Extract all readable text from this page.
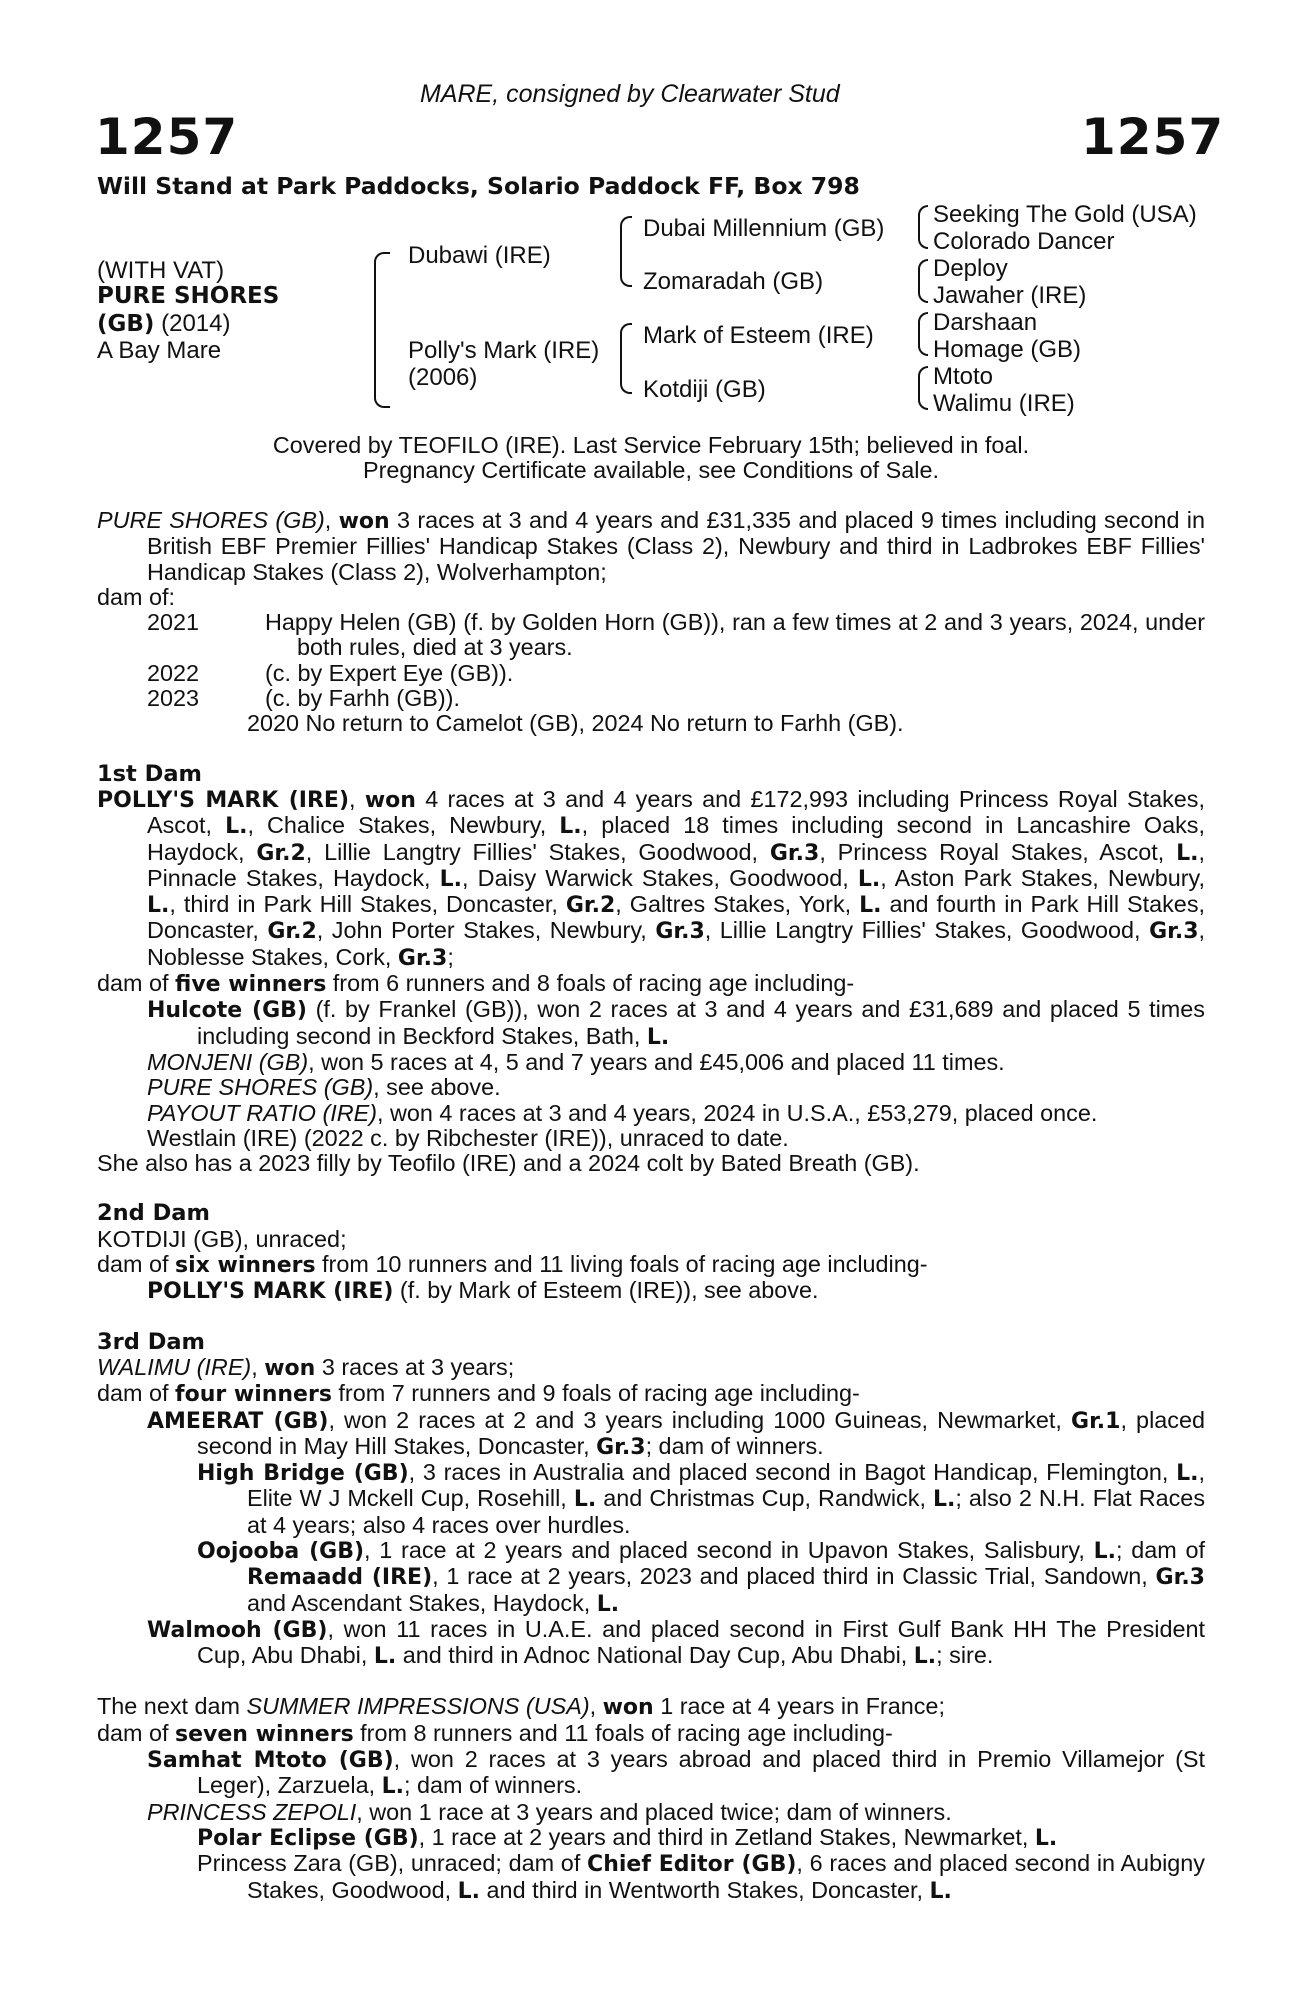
MARE, consigned by Clearwater Stud
1257	1257
Will Stand at Park Paddocks, Solario Paddock FF, Box 798
(WITH VAT)
PURE SHORES
(GB) (2014)
A Bay Mare
Dubawi (IRE)
Polly's Mark (IRE)
(2006)
Dubai Millennium (GB)
Zomaradah (GB)
Mark of Esteem (IRE)
Kotdiji (GB)
Seeking The Gold (USA)
Colorado Dancer
Deploy
Jawaher (IRE)
Darshaan
Homage (GB)
Mtoto
Walimu (IRE)
Covered by TEOFILO (IRE). Last Service February 15th; believed in foal.
Pregnancy Certificate available, see Conditions of Sale.

PURE SHORES (GB), won 3 races at 3 and 4 years and £31,335 and placed 9 times including second in British EBF Premier Fillies' Handicap Stakes (Class 2), Newbury and third in Ladbrokes EBF Fillies' Handicap Stakes (Class 2), Wolverhampton;

dam of:

2021	Happy Helen (GB) (f. by Golden Horn (GB)), ran a few times at 2 and 3 years, 2024, under both rules, died at 3 years.

2022	(c. by Expert Eye (GB)).

2023	(c. by Farhh (GB)).

2020 No return to Camelot (GB), 2024 No return to Farhh (GB).

1st Dam

POLLY'S MARK (IRE), won 4 races at 3 and 4 years and £172,993 including Princess Royal Stakes, Ascot, L., Chalice Stakes, Newbury, L., placed 18 times including second in Lancashire Oaks, Haydock, Gr.2, Lillie Langtry Fillies' Stakes, Goodwood, Gr.3, Princess Royal Stakes, Ascot, L., Pinnacle Stakes, Haydock, L., Daisy Warwick Stakes, Goodwood, L., Aston Park Stakes, Newbury, L., third in Park Hill Stakes, Doncaster, Gr.2, Galtres Stakes, York, L. and fourth in Park Hill Stakes, Doncaster, Gr.2, John Porter Stakes, Newbury, Gr.3, Lillie Langtry Fillies' Stakes, Goodwood, Gr.3, Noblesse Stakes, Cork, Gr.3;

dam of five winners from 6 runners and 8 foals of racing age including-

Hulcote (GB) (f. by Frankel (GB)), won 2 races at 3 and 4 years and £31,689 and placed 5 times including second in Beckford Stakes, Bath, L.

MONJENI (GB), won 5 races at 4, 5 and 7 years and £45,006 and placed 11 times.

PURE SHORES (GB), see above.

PAYOUT RATIO (IRE), won 4 races at 3 and 4 years, 2024 in U.S.A., £53,279, placed once.

Westlain (IRE) (2022 c. by Ribchester (IRE)), unraced to date.

She also has a 2023 filly by Teofilo (IRE) and a 2024 colt by Bated Breath (GB).

2nd Dam

KOTDIJI (GB), unraced;

dam of six winners from 10 runners and 11 living foals of racing age including-

POLLY'S MARK (IRE) (f. by Mark of Esteem (IRE)), see above.

3rd Dam

WALIMU (IRE), won 3 races at 3 years;

dam of four winners from 7 runners and 9 foals of racing age including-

AMEERAT (GB), won 2 races at 2 and 3 years including 1000 Guineas, Newmarket, Gr.1, placed second in May Hill Stakes, Doncaster, Gr.3; dam of winners.

High Bridge (GB), 3 races in Australia and placed second in Bagot Handicap, Flemington, L., Elite W J Mckell Cup, Rosehill, L. and Christmas Cup, Randwick, L.; also 2 N.H. Flat Races at 4 years; also 4 races over hurdles.

Oojooba (GB), 1 race at 2 years and placed second in Upavon Stakes, Salisbury, L.; dam of Remaadd (IRE), 1 race at 2 years, 2023 and placed third in Classic Trial, Sandown, Gr.3 and Ascendant Stakes, Haydock, L.

Walmooh (GB), won 11 races in U.A.E. and placed second in First Gulf Bank HH The President Cup, Abu Dhabi, L. and third in Adnoc National Day Cup, Abu Dhabi, L.; sire.

The next dam SUMMER IMPRESSIONS (USA), won 1 race at 4 years in France;

dam of seven winners from 8 runners and 11 foals of racing age including-

Samhat Mtoto (GB), won 2 races at 3 years abroad and placed third in Premio Villamejor (St Leger), Zarzuela, L.; dam of winners.

PRINCESS ZEPOLI, won 1 race at 3 years and placed twice; dam of winners.

Polar Eclipse (GB), 1 race at 2 years and third in Zetland Stakes, Newmarket, L.

Princess Zara (GB), unraced; dam of Chief Editor (GB), 6 races and placed second in Aubigny Stakes, Goodwood, L. and third in Wentworth Stakes, Doncaster, L.
